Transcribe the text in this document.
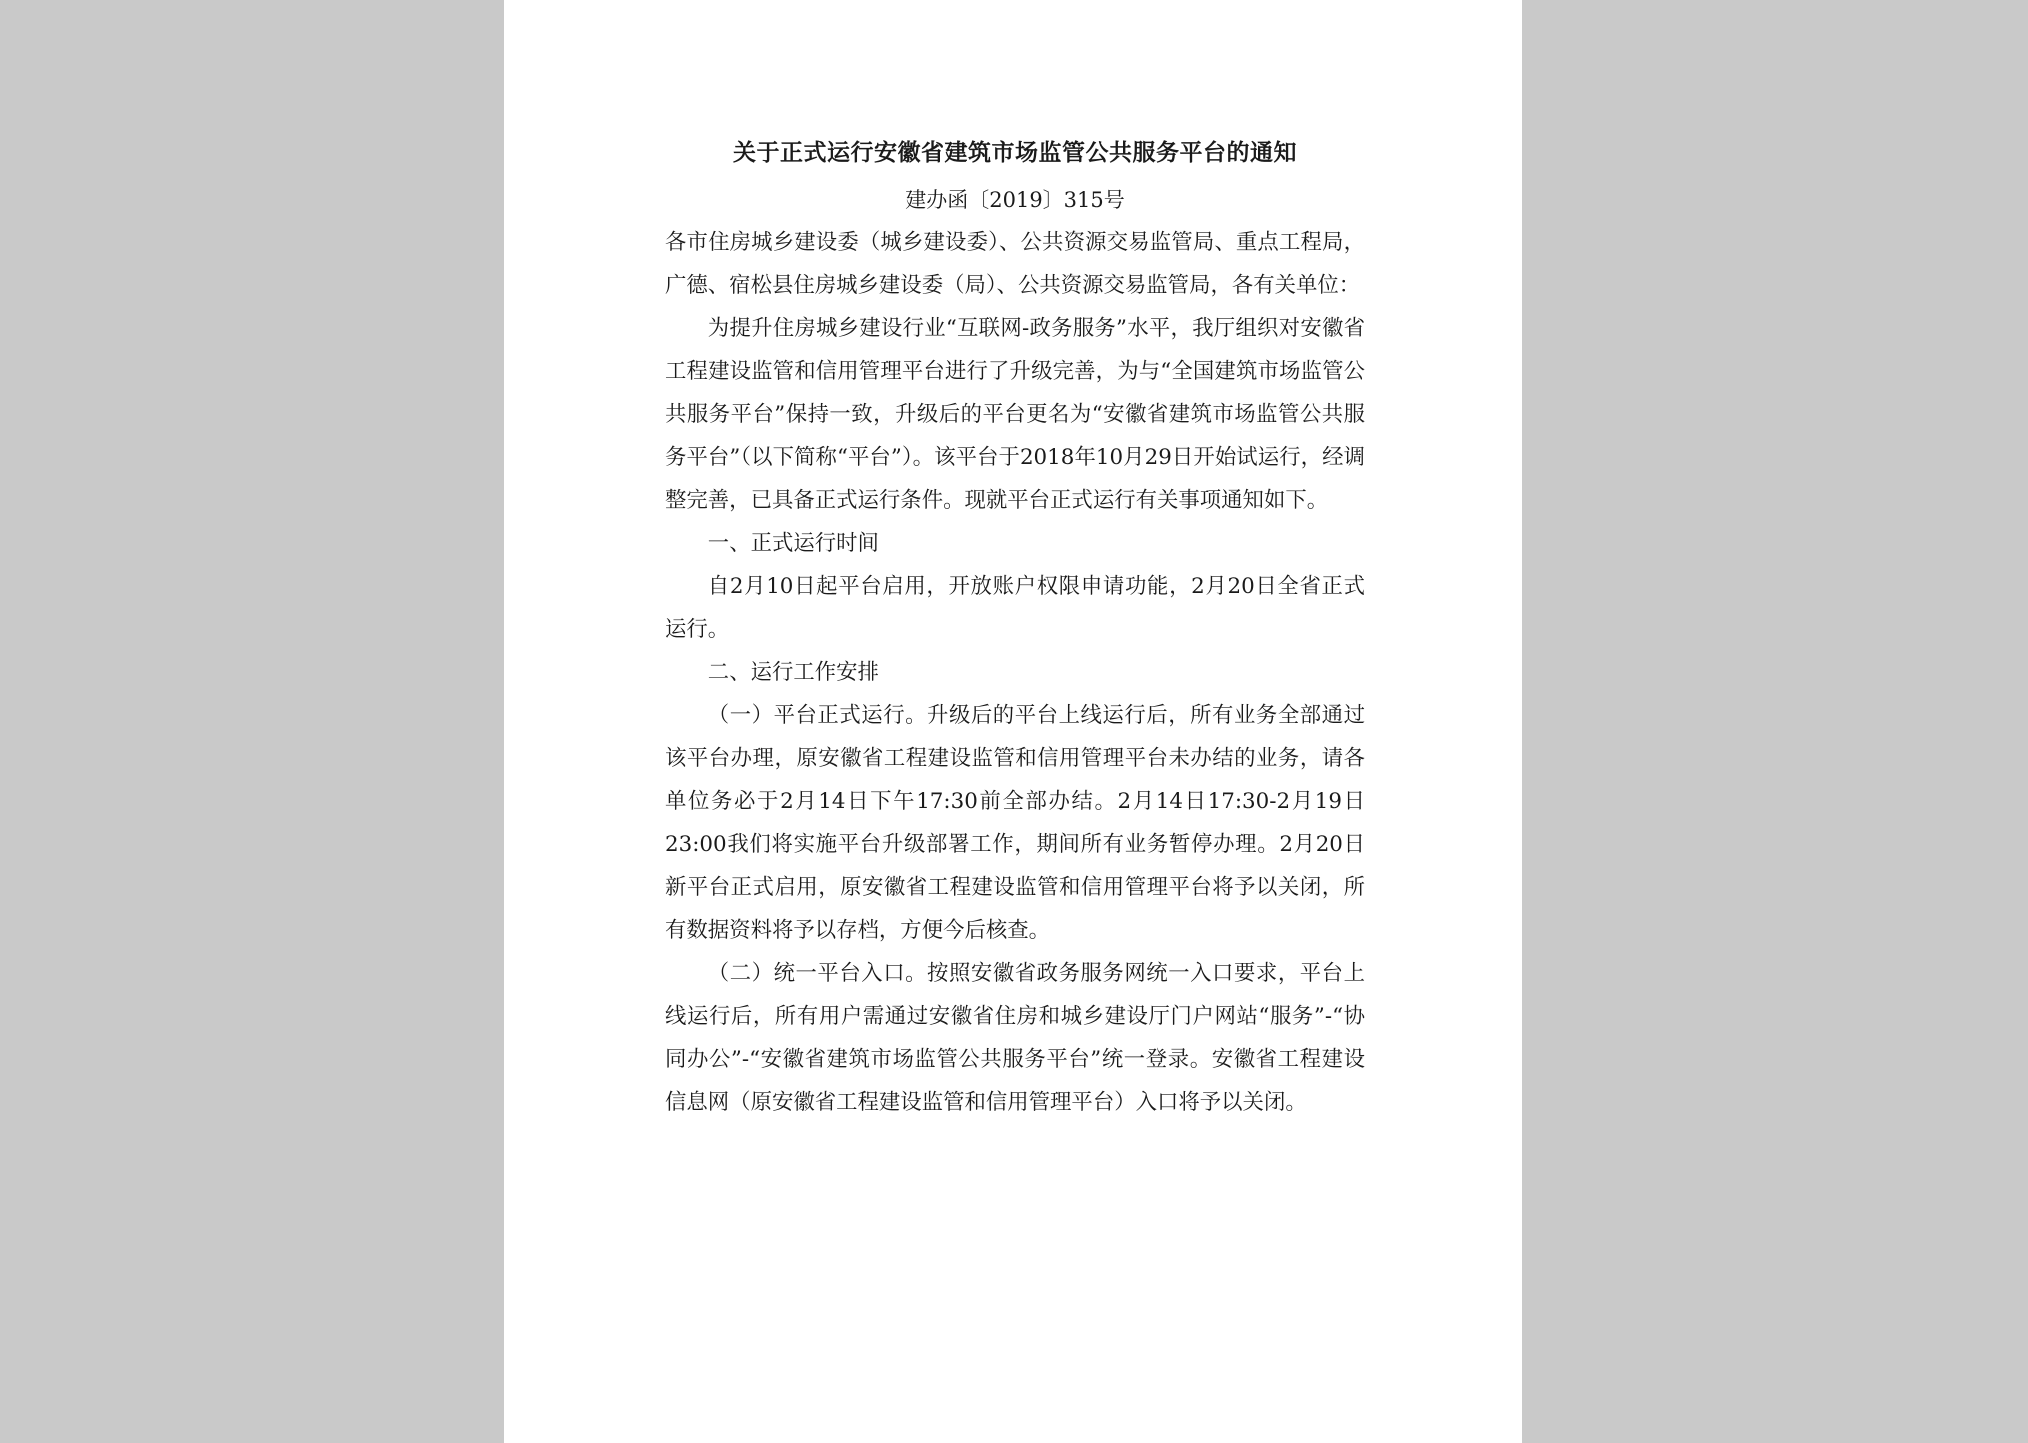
关于正式运行安徽省建筑市场监管公共服务平台的通知
建办函〔2019〕315号

各市住房城乡建设委（城乡建设委）、公共资源交易监管局、重点工程局，广德、宿松县住房城乡建设委（局）、公共资源交易监管局，各有关单位：

为提升住房城乡建设行业“互联网-政务服务”水平，我厅组织对安徽省工程建设监管和信用管理平台进行了升级完善，为与“全国建筑市场监管公共服务平台”保持一致，升级后的平台更名为“安徽省建筑市场监管公共服务平台”（以下简称“平台”）。该平台于2018年10月29日开始试运行，经调整完善，已具备正式运行条件。现就平台正式运行有关事项通知如下。

一、正式运行时间

自2月10日起平台启用，开放账户权限申请功能，2月20日全省正式运行。

二、运行工作安排

（一）平台正式运行。升级后的平台上线运行后，所有业务全部通过该平台办理，原安徽省工程建设监管和信用管理平台未办结的业务，请各单位务必于2月14日下午17:30前全部办结。2月14日17:30-2月19日23:00我们将实施平台升级部署工作，期间所有业务暂停办理。2月20日新平台正式启用，原安徽省工程建设监管和信用管理平台将予以关闭，所有数据资料将予以存档，方便今后核查。

（二）统一平台入口。按照安徽省政务服务网统一入口要求，平台上线运行后，所有用户需通过安徽省住房和城乡建设厅门户网站“服务”-“协同办公”-“安徽省建筑市场监管公共服务平台”统一登录。安徽省工程建设信息网（原安徽省工程建设监管和信用管理平台）入口将予以关闭。
